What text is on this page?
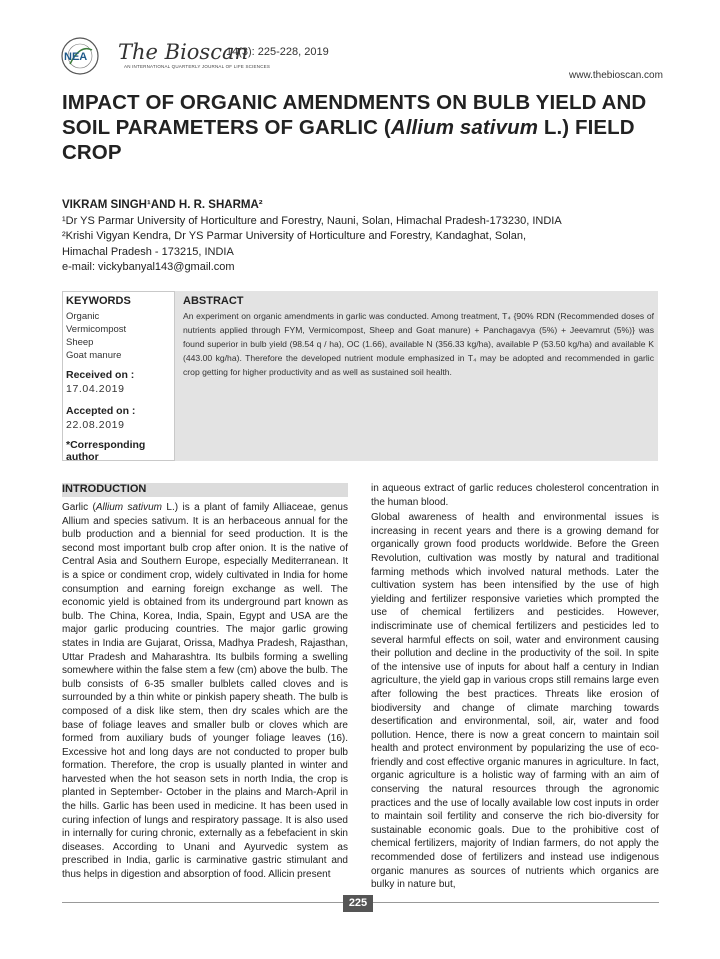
NEA The Bioscan
14(3): 225-228, 2019
AN INTERNATIONAL QUARTERLY JOURNAL OF LIFE SCIENCES
www.thebioscan.com
IMPACT OF ORGANIC AMENDMENTS ON BULB YIELD AND SOIL PARAMETERS OF GARLIC (Allium sativum L.) FIELD CROP
VIKRAM SINGH¹AND H. R. SHARMA²
¹Dr YS Parmar University of Horticulture and Forestry, Nauni, Solan, Himachal Pradesh-173230, INDIA
²Krishi Vigyan Kendra, Dr YS Parmar University of Horticulture and Forestry, Kandaghat, Solan,
Himachal Pradesh - 173215, INDIA
e-mail: vickybanyal143@gmail.com
KEYWORDS
Organic
Vermicompost
Sheep
Goat manure
Received on :
17.04.2019
Accepted on :
22.08.2019
*Corresponding
author
ABSTRACT
An experiment on organic amendments in garlic was conducted. Among treatment, T₄ {90% RDN (Recommended doses of nutrients applied through FYM, Vermicompost, Sheep and Goat manure) + Panchagavya (5%) + Jeevamrut (5%)} was found superior in bulb yield (98.54 q / ha), OC (1.66), available N (356.33 kg/ha), available P (53.50 kg/ha) and available K (443.00 kg/ha). Therefore the developed nutrient module emphasized in T₄ may be adopted and recommended in garlic crop getting for higher productivity and as well as sustained soil health.
INTRODUCTION

Garlic (Allium sativum L.) is a plant of family Alliaceae, genus Allium and species sativum. It is an herbaceous annual for the bulb production and a biennial for seed production. It is the second most important bulb crop after onion. It is the native of Central Asia and Southern Europe, especially Mediterranean. It is a spice or condiment crop, widely cultivated in India for home consumption and earning foreign exchange as well. The economic yield is obtained from its underground part known as bulb. The China, Korea, India, Spain, Egypt and USA are the major garlic producing countries. The major garlic growing states in India are Gujarat, Orissa, Madhya Pradesh, Rajasthan, Uttar Pradesh and Maharashtra. Its bulbils forming a swelling somewhere within the false stem a few (cm) above the bulb. The bulb consists of 6-35 smaller bulblets called cloves and is surrounded by a thin white or pinkish papery sheath. The bulb is composed of a disk like stem, then dry scales which are the base of foliage leaves and smaller bulb or cloves which are formed from auxiliary buds of younger foliage leaves (16). Excessive hot and long days are not conducted to proper bulb formation. Therefore, the crop is usually planted in winter and harvested when the hot season sets in north India, the crop is planted in September- October in the plains and March-April in the hills. Garlic has been used in medicine. It has been used in curing infection of lungs and respiratory passage. It is also used in internally for curing chronic, externally as a febefacient in skin diseases. According to Unani and Ayurvedic system as prescribed in India, garlic is carminative gastric stimulant and thus helps in digestion and absorption of food. Allicin present

in aqueous extract of garlic reduces cholesterol concentration in the human blood.

Global awareness of health and environmental issues is increasing in recent years and there is a growing demand for organically grown food products worldwide. Before the Green Revolution, cultivation was mostly by natural and traditional farming methods which involved natural methods. Later the cultivation system has been intensified by the use of high yielding and fertilizer responsive varieties which prompted the use of chemical fertilizers and pesticides. However, indiscriminate use of chemical fertilizers and pesticides led to several harmful effects on soil, water and environment causing their pollution and decline in the productivity of the soil. In spite of the intensive use of inputs for about half a century in Indian agriculture, the yield gap in various crops still remains large even after following the best practices. Threats like erosion of biodiversity and change of climate marching towards desertification and environmental, soil, air, water and food pollution. Hence, there is now a great concern to maintain soil health and protect environment by popularizing the use of eco-friendly and cost effective organic manures in agriculture. In fact, organic agriculture is a holistic way of farming with an aim of conserving the natural resources through the agronomic practices and the use of locally available low cost inputs in order to maintain soil fertility and conserve the rich bio-diversity for sustainable economic goals. Due to the prohibitive cost of chemical fertilizers, majority of Indian farmers, do not apply the recommended dose of fertilizers and instead use indigenous organic manures as sources of nutrients which organics are bulky in nature but,

225
